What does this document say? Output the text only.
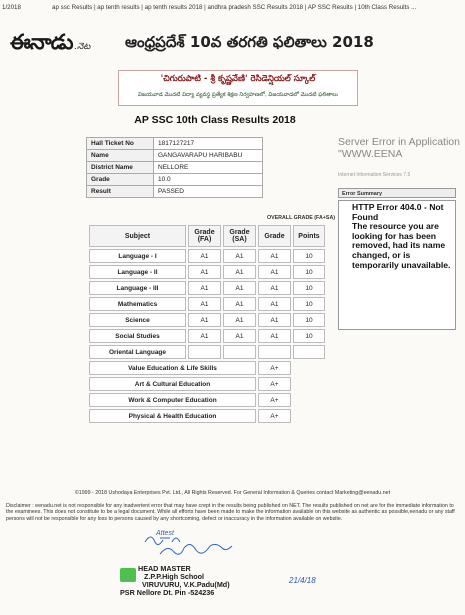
1/2018	ap ssc Results | ap tenth results | ap tenth results 2018 | andhra pradesh SSC Results 2018 | AP SSC Results | 10th Class Results ...
ఈనాడు .నెట	ఆంధ్రప్రదేశ్ 10వ తరగతి ఫలితాలు 2018
'చిగురుపాటి - శ్రీ కృష్ణవేణి' రెసిడెన్షియల్ స్కూల్
విజయవాడ మొదటి విద్యా వ్యవస్థ ప్రత్యేక శిక్షణ నిర్వహణలో, విజయవాడలో మొదటి ఫలితాలు
AP SSC 10th Class Results 2018
Hall Ticket No	1817127217
Name	GANGAVARAPU HARIBABU
District Name	NELLORE
Grade	10.0
Result	PASSED
OVERALL GRADE (FA+SA)
Subject	Grade (FA)	Grade (SA)	Grade	Points
Language - I	A1	A1	A1	10
Language - II	A1	A1	A1	10
Language - III	A1	A1	A1	10
Mathematics	A1	A1	A1	10
Science	A1	A1	A1	10
Social Studies	A1	A1	A1	10
Oriental Language				
Value Education & Life Skills			A+	
Art & Cultural Education			A+	
Work & Computer Education			A+	
Physical & Health Education			A+	
Server Error in Application "WWW.EENA
Internet Information Services 7.5
Error Summary
HTTP Error 404.0 - Not Found
The resource you are looking for has been removed, had its name changed, or is temporarily unavailable.
©1999 - 2018 Ushodaya Enterprises Pvt. Ltd., All Rights Reserved. For General Information & Queries contact Marketing@eenadu.net
Disclaimer : eenadu.net is not responsible for any inadvertent error that may have crept in the results being published on NET. The results published on net are for the immediate information to the examinees. This does not constitute to be a legal document. While all efforts have been made to make the information available on this website as authentic as possible,eenadu or any staff persons will not be responsible for any loss to persons caused by any shortcoming, defect or inaccuracy in the information available on website.
Attest
21/4/18
HEAD MASTER
Z.P.P.High School
VIRUVURU, V.K.Padu(Md)
PSR Nellore Dt. Pin -524236
